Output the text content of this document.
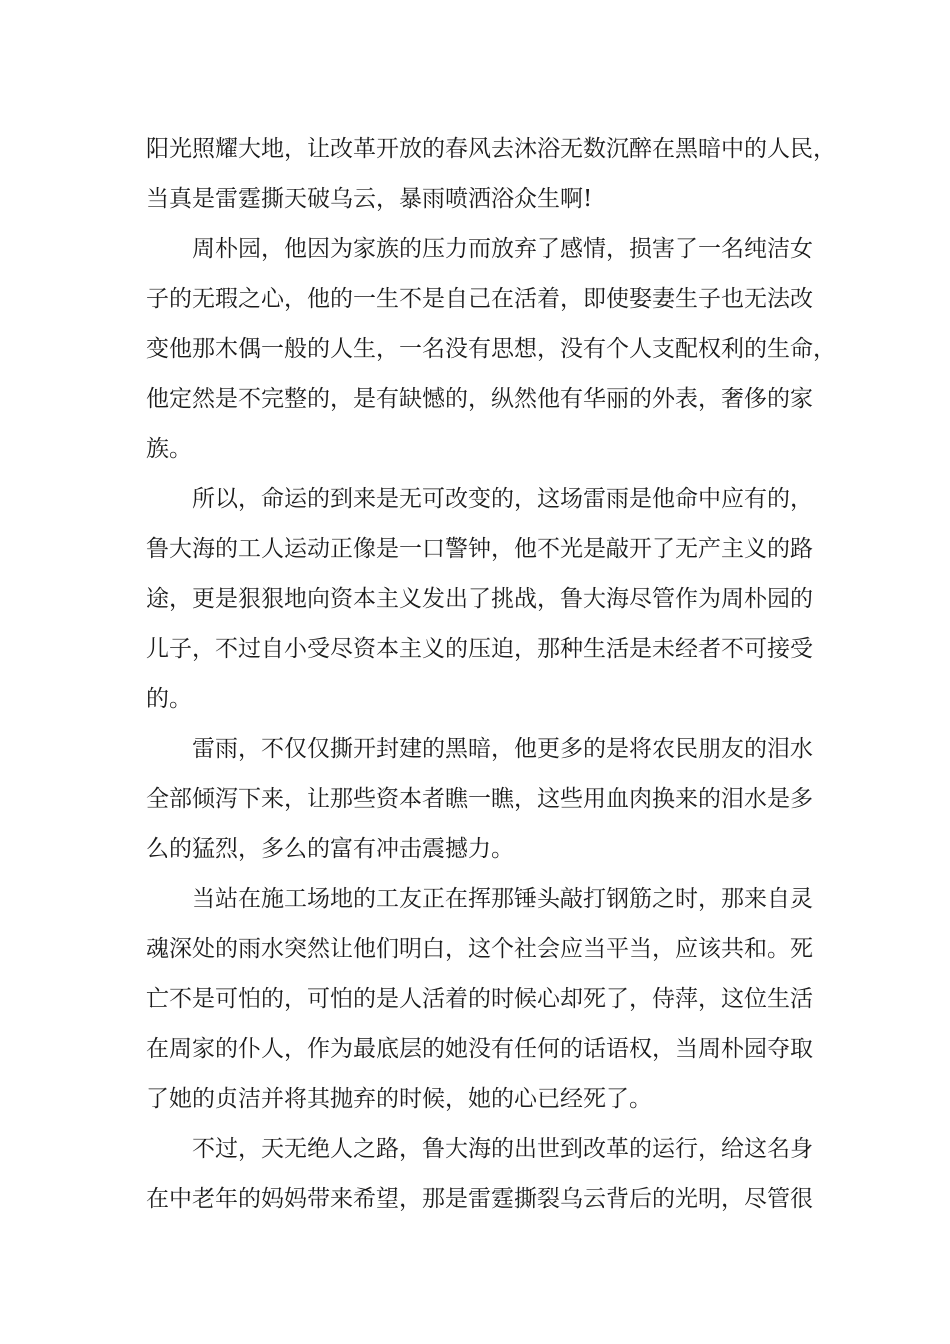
阳光照耀大地，让改革开放的春风去沐浴无数沉醉在黑暗中的人民，

当真是雷霆撕天破乌云，暴雨喷洒浴众生啊!

周朴园，他因为家族的压力而放弃了感情，损害了一名纯洁女

子的无瑕之心，他的一生不是自己在活着，即使娶妻生子也无法改

变他那木偶一般的人生，一名没有思想，没有个人支配权利的生命，

他定然是不完整的，是有缺憾的，纵然他有华丽的外表，奢侈的家

族。

所以，命运的到来是无可改变的，这场雷雨是他命中应有的，

鲁大海的工人运动正像是一口警钟，他不光是敲开了无产主义的路

途，更是狠狠地向资本主义发出了挑战，鲁大海尽管作为周朴园的

儿子，不过自小受尽资本主义的压迫，那种生活是未经者不可接受

的。

雷雨，不仅仅撕开封建的黑暗，他更多的是将农民朋友的泪水

全部倾泻下来，让那些资本者瞧一瞧，这些用血肉换来的泪水是多

么的猛烈，多么的富有冲击震撼力。

当站在施工场地的工友正在挥那锤头敲打钢筋之时，那来自灵

魂深处的雨水突然让他们明白，这个社会应当平当，应该共和。死

亡不是可怕的，可怕的是人活着的时候心却死了，侍萍，这位生活

在周家的仆人，作为最底层的她没有任何的话语权，当周朴园夺取

了她的贞洁并将其抛弃的时候，她的心已经死了。

不过，天无绝人之路，鲁大海的出世到改革的运行，给这名身

在中老年的妈妈带来希望，那是雷霆撕裂乌云背后的光明，尽管很
